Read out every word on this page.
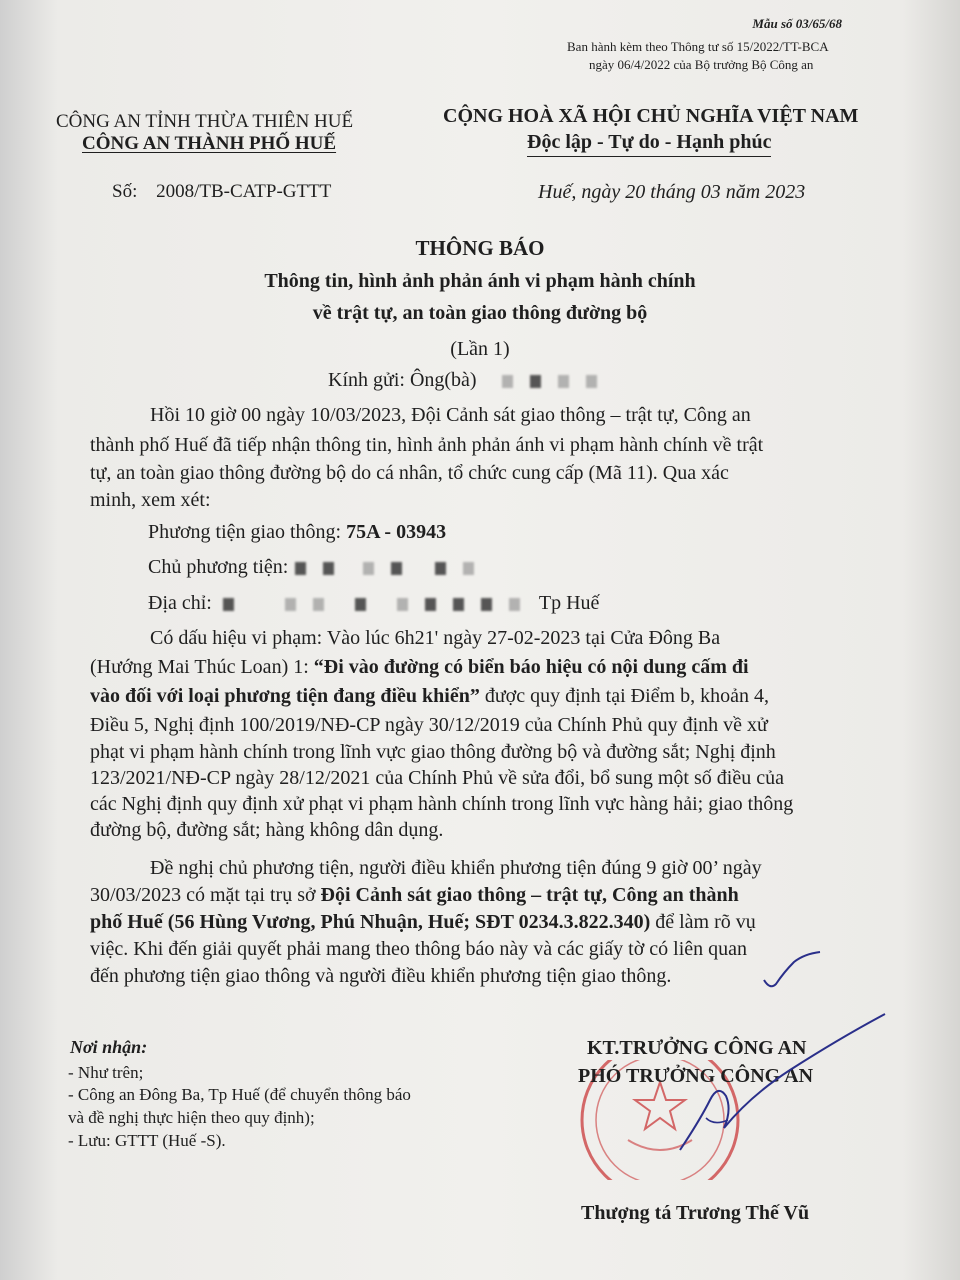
Mẫu số 03/65/68
Ban hành kèm theo Thông tư số 15/2022/TT-BCA
ngày 06/4/2022 của Bộ trưởng Bộ Công an
CÔNG AN TỈNH THỪA THIÊN HUẾ
CÔNG AN THÀNH PHỐ HUẾ
CỘNG HOÀ XÃ HỘI CHỦ NGHĨA VIỆT NAM
Độc lập - Tự do - Hạnh phúc
Số: 2008/TB-CATP-GTTT	Huế, ngày 20 tháng 03 năm 2023
THÔNG BÁO
Thông tin, hình ảnh phản ánh vi phạm hành chính
về trật tự, an toàn giao thông đường bộ
(Lần 1)
Kính gửi: Ông(bà)
Hồi 10 giờ 00 ngày 10/03/2023, Đội Cảnh sát giao thông – trật tự, Công an
thành phố Huế đã tiếp nhận thông tin, hình ảnh phản ánh vi phạm hành chính về trật
tự, an toàn giao thông đường bộ do cá nhân, tổ chức cung cấp (Mã 11). Qua xác
minh, xem xét:
Phương tiện giao thông: 75A - 03943
Chủ phương tiện:
Địa chỉ:	Tp Huế
Có dấu hiệu vi phạm: Vào lúc 6h21' ngày 27-02-2023 tại Cửa Đông Ba
(Hướng Mai Thúc Loan) 1: “Đi vào đường có biển báo hiệu có nội dung cấm đi
vào đối với loại phương tiện đang điều khiển” được quy định tại Điểm b, khoản 4,
Điều 5, Nghị định 100/2019/NĐ-CP ngày 30/12/2019 của Chính Phủ quy định về xử
phạt vi phạm hành chính trong lĩnh vực giao thông đường bộ và đường sắt; Nghị định
123/2021/NĐ-CP ngày 28/12/2021 của Chính Phủ về sửa đổi, bổ sung một số điều của
các Nghị định quy định xử phạt vi phạm hành chính trong lĩnh vực hàng hải; giao thông
đường bộ, đường sắt; hàng không dân dụng.
Đề nghị chủ phương tiện, người điều khiển phương tiện đúng 9 giờ 00’ ngày
30/03/2023 có mặt tại trụ sở Đội Cảnh sát giao thông – trật tự, Công an thành
phố Huế (56 Hùng Vương, Phú Nhuận, Huế; SĐT 0234.3.822.340) để làm rõ vụ
việc. Khi đến giải quyết phải mang theo thông báo này và các giấy tờ có liên quan
đến phương tiện giao thông và người điều khiển phương tiện giao thông.
Nơi nhận:
- Như trên;
- Công an Đông Ba, Tp Huế (để chuyển thông báo
và đề nghị thực hiện theo quy định);
- Lưu: GTTT (Huế -S).
KT.TRƯỞNG CÔNG AN
PHÓ TRƯỞNG CÔNG AN
Thượng tá Trương Thế Vũ
